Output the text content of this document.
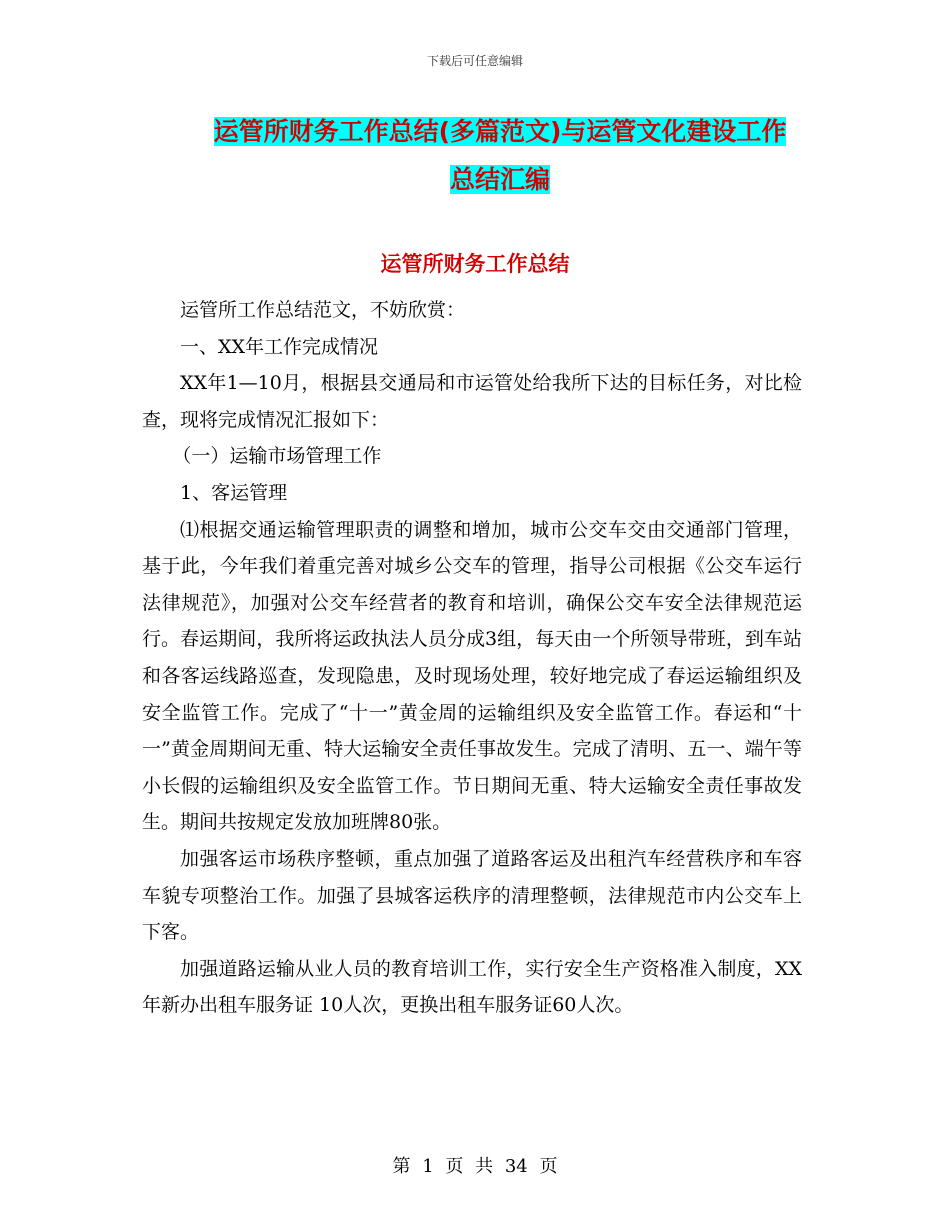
下载后可任意编辑
运管所财务工作总结(多篇范文)与运管文化建设工作
总结汇编
运管所财务工作总结

运管所工作总结范文，不妨欣赏：

一、XX年工作完成情况

XX年1—10月，根据县交通局和市运管处给我所下达的目标任务，对比检查，现将完成情况汇报如下：

（一）运输市场管理工作

1、客运管理

⑴根据交通运输管理职责的调整和增加，城市公交车交由交通部门管理，基于此，今年我们着重完善对城乡公交车的管理，指导公司根据《公交车运行法律规范》，加强对公交车经营者的教育和培训，确保公交车安全法律规范运行。春运期间，我所将运政执法人员分成3组，每天由一个所领导带班，到车站和各客运线路巡查，发现隐患，及时现场处理，较好地完成了春运运输组织及安全监管工作。完成了“十一”黄金周的运输组织及安全监管工作。春运和“十一”黄金周期间无重、特大运输安全责任事故发生。完成了清明、五一、端午等小长假的运输组织及安全监管工作。节日期间无重、特大运输安全责任事故发生。期间共按规定发放加班牌80张。

加强客运市场秩序整顿，重点加强了道路客运及出租汽车经营秩序和车容车貌专项整治工作。加强了县城客运秩序的清理整顿，法律规范市内公交车上下客。

加强道路运输从业人员的教育培训工作，实行安全生产资格准入制度，XX年新办出租车服务证 10人次，更换出租车服务证60人次。

第 1 页 共 34 页
